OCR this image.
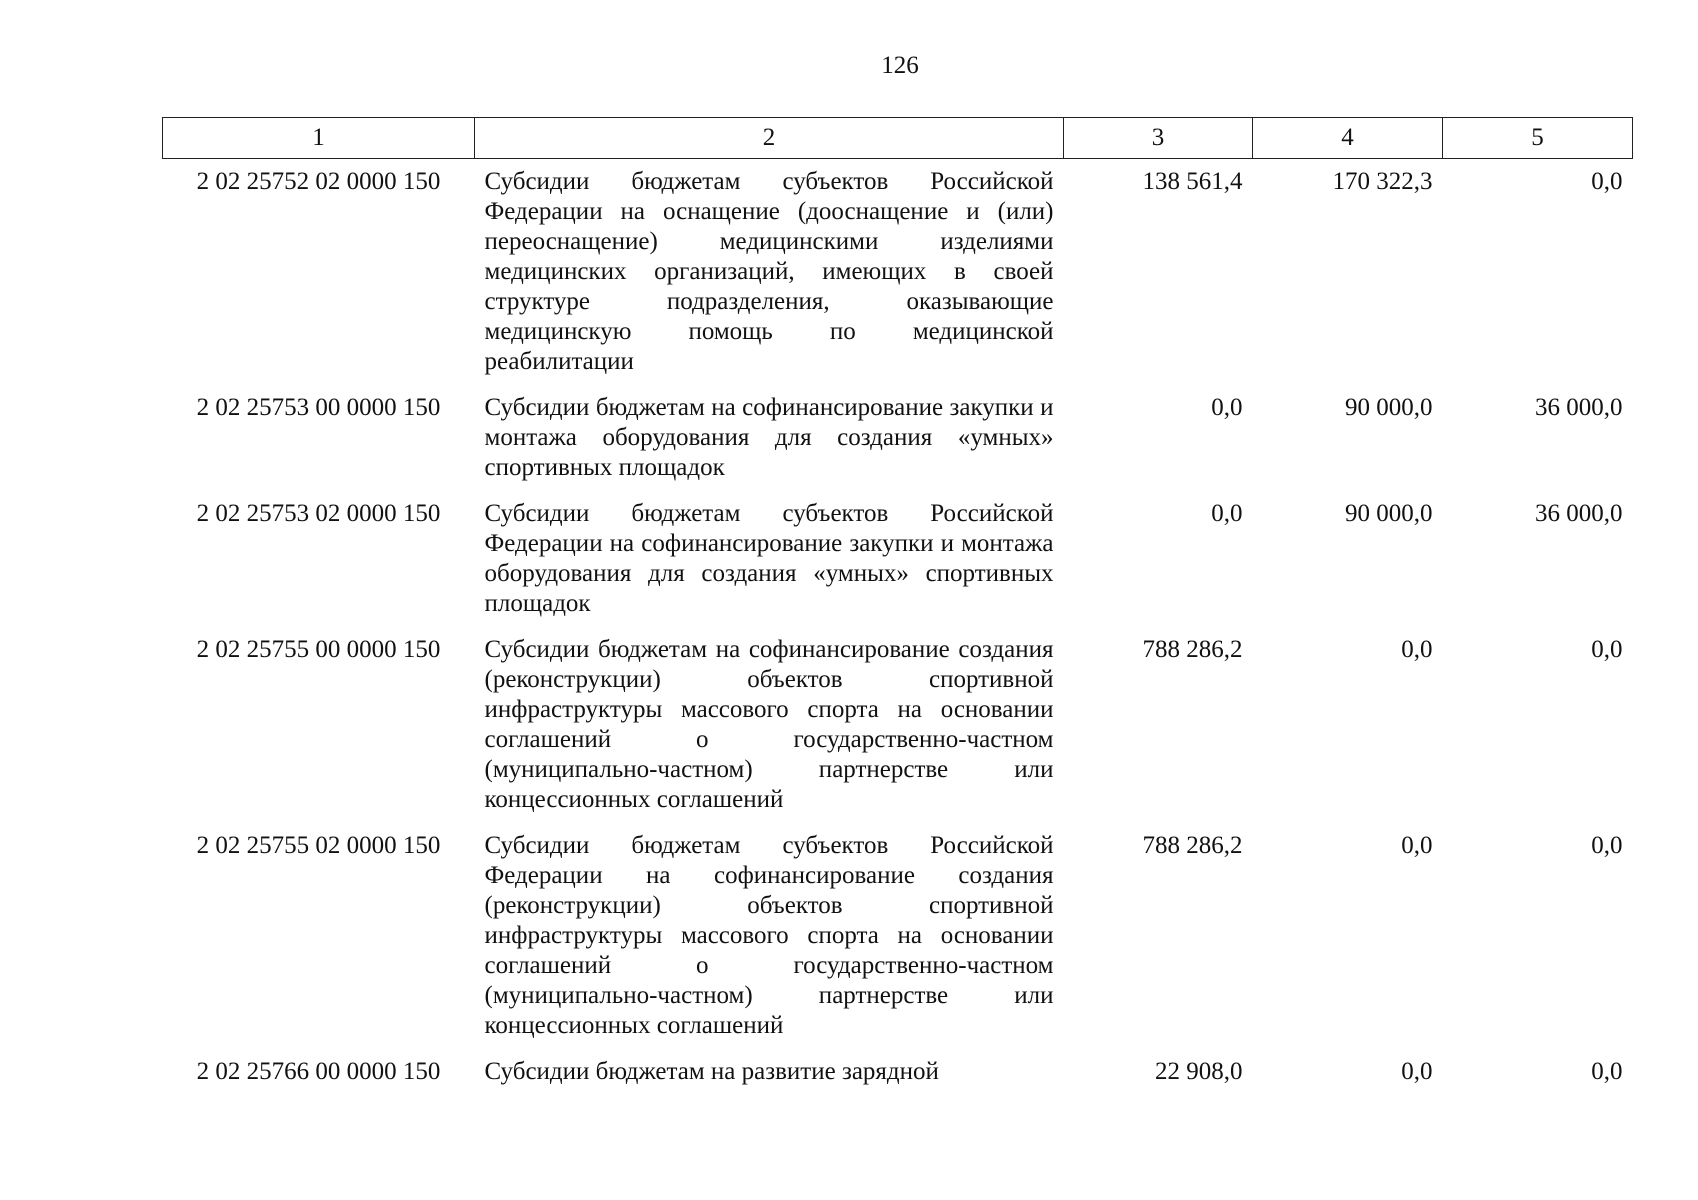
126
1	2	3	4	5
2 02 25752 02 0000 150	Субсидии бюджетам субъектов Российской Федерации на оснащение (дооснащение и (или) переоснащение) медицинскими изделиями медицинских организаций, имеющих в своей структуре подразделения, оказывающие медицинскую помощь по медицинской реабилитации	138 561,4	170 322,3	0,0
2 02 25753 00 0000 150	Субсидии бюджетам на софинансирование закупки и монтажа оборудования для создания «умных» спортивных площадок	0,0	90 000,0	36 000,0
2 02 25753 02 0000 150	Субсидии бюджетам субъектов Российской Федерации на софинансирование закупки и монтажа оборудования для создания «умных» спортивных площадок	0,0	90 000,0	36 000,0
2 02 25755 00 0000 150	Субсидии бюджетам на софинансирование создания (реконструкции) объектов спортивной инфраструктуры массового спорта на основании соглашений о государственно-частном (муниципально-частном) партнерстве или концессионных соглашений	788 286,2	0,0	0,0
2 02 25755 02 0000 150	Субсидии бюджетам субъектов Российской Федерации на софинансирование создания (реконструкции) объектов спортивной инфраструктуры массового спорта на основании соглашений о государственно-частном (муниципально-частном) партнерстве или концессионных соглашений	788 286,2	0,0	0,0
2 02 25766 00 0000 150	Субсидии бюджетам на развитие зарядной	22 908,0	0,0	0,0
